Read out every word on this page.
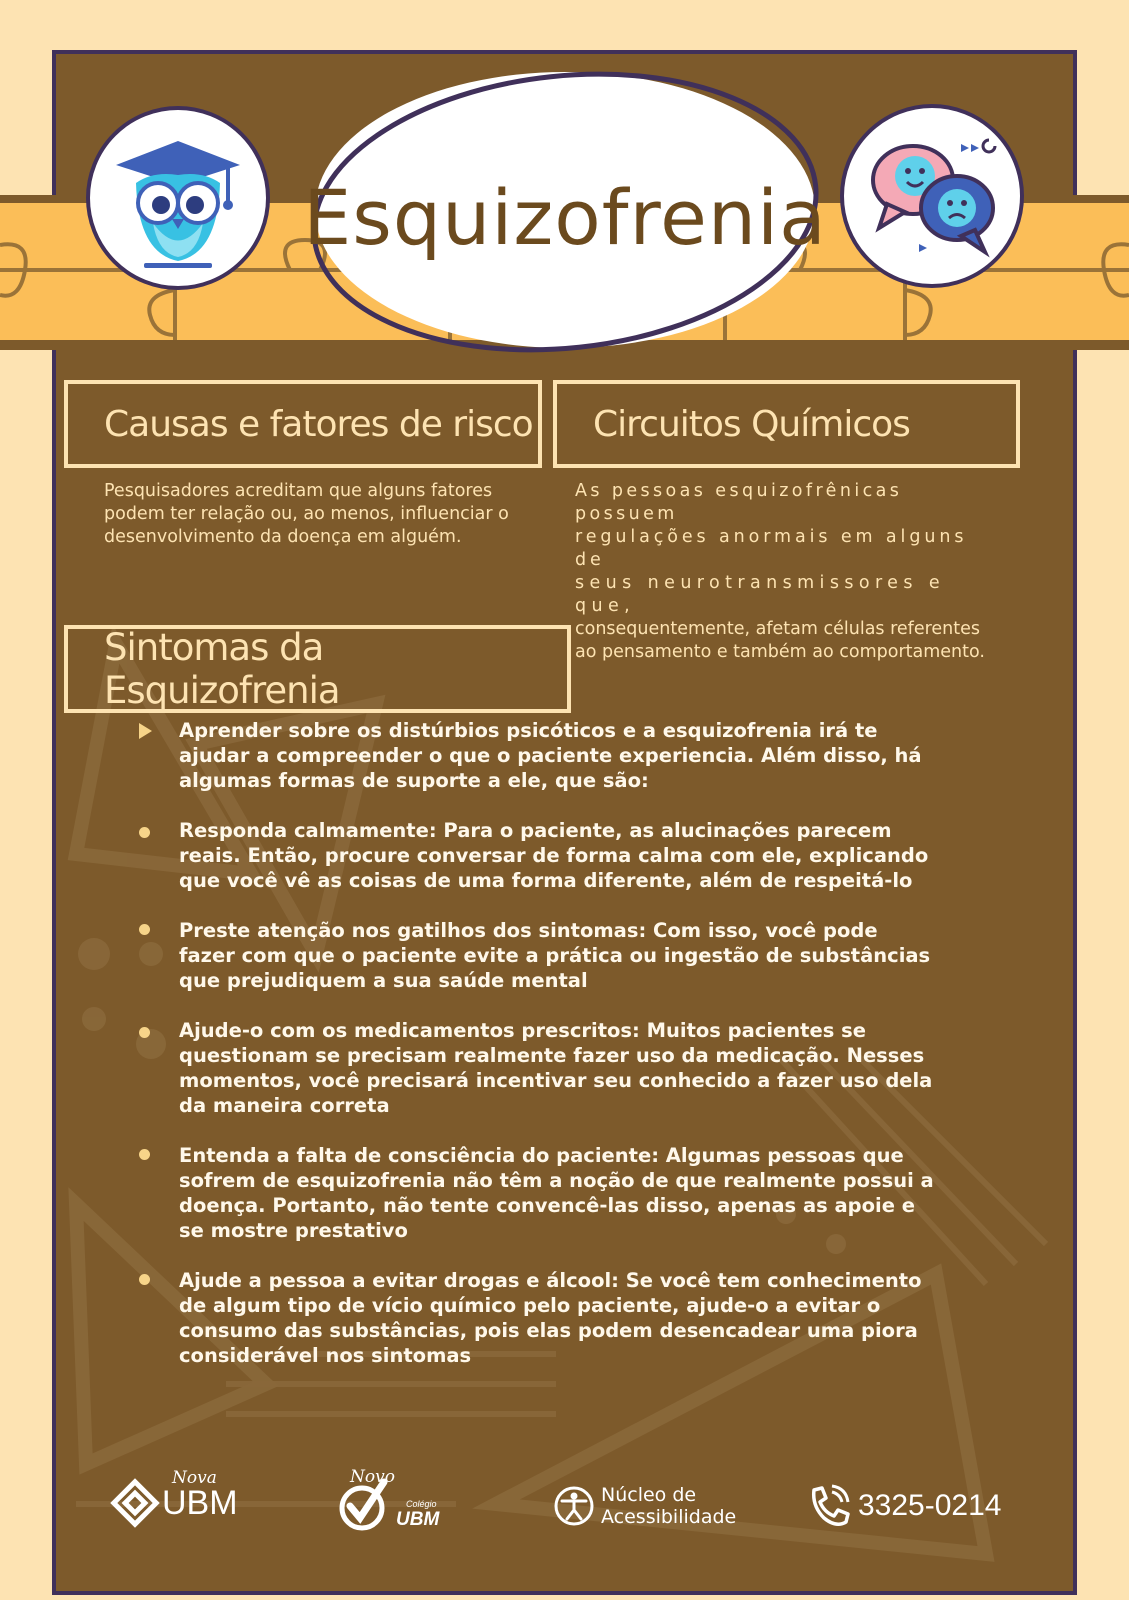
Esquizofrenia
Causas e fatores de risco Circuitos Químicos
Pesquisadores acreditam que alguns fatores
podem ter relação ou, ao menos, influenciar o
desenvolvimento da doença em alguém.
As pessoas esquizofrênicas possuem
regulações anormais em alguns de
seus neurotransmissores e que,
consequentemente, afetam células referentes
ao pensamento e também ao comportamento.
Sintomas da Esquizofrenia
Aprender sobre os distúrbios psicóticos e a esquizofrenia irá te
ajudar a compreender o que o paciente experiencia. Além disso, há
algumas formas de suporte a ele, que são:
Responda calmamente: Para o paciente, as alucinações parecem
reais. Então, procure conversar de forma calma com ele, explicando
que você vê as coisas de uma forma diferente, além de respeitá-lo
Preste atenção nos gatilhos dos sintomas: Com isso, você pode
fazer com que o paciente evite a prática ou ingestão de substâncias
que prejudiquem a sua saúde mental
Ajude-o com os medicamentos prescritos: Muitos pacientes se
questionam se precisam realmente fazer uso da medicação. Nesses
momentos, você precisará incentivar seu conhecido a fazer uso dela
da maneira correta
Entenda a falta de consciência do paciente: Algumas pessoas que
sofrem de esquizofrenia não têm a noção de que realmente possui a
doença. Portanto, não tente convencê-las disso, apenas as apoie e
se mostre prestativo
Ajude a pessoa a evitar drogas e álcool: Se você tem conhecimento
de algum tipo de vício químico pelo paciente, ajude-o a evitar o
consumo das substâncias, pois elas podem desencadear uma piora
considerável nos sintomas
Nova
UBM
Novo
Colégio
UBM
Núcleo de
Acessibilidade	3325-0214
